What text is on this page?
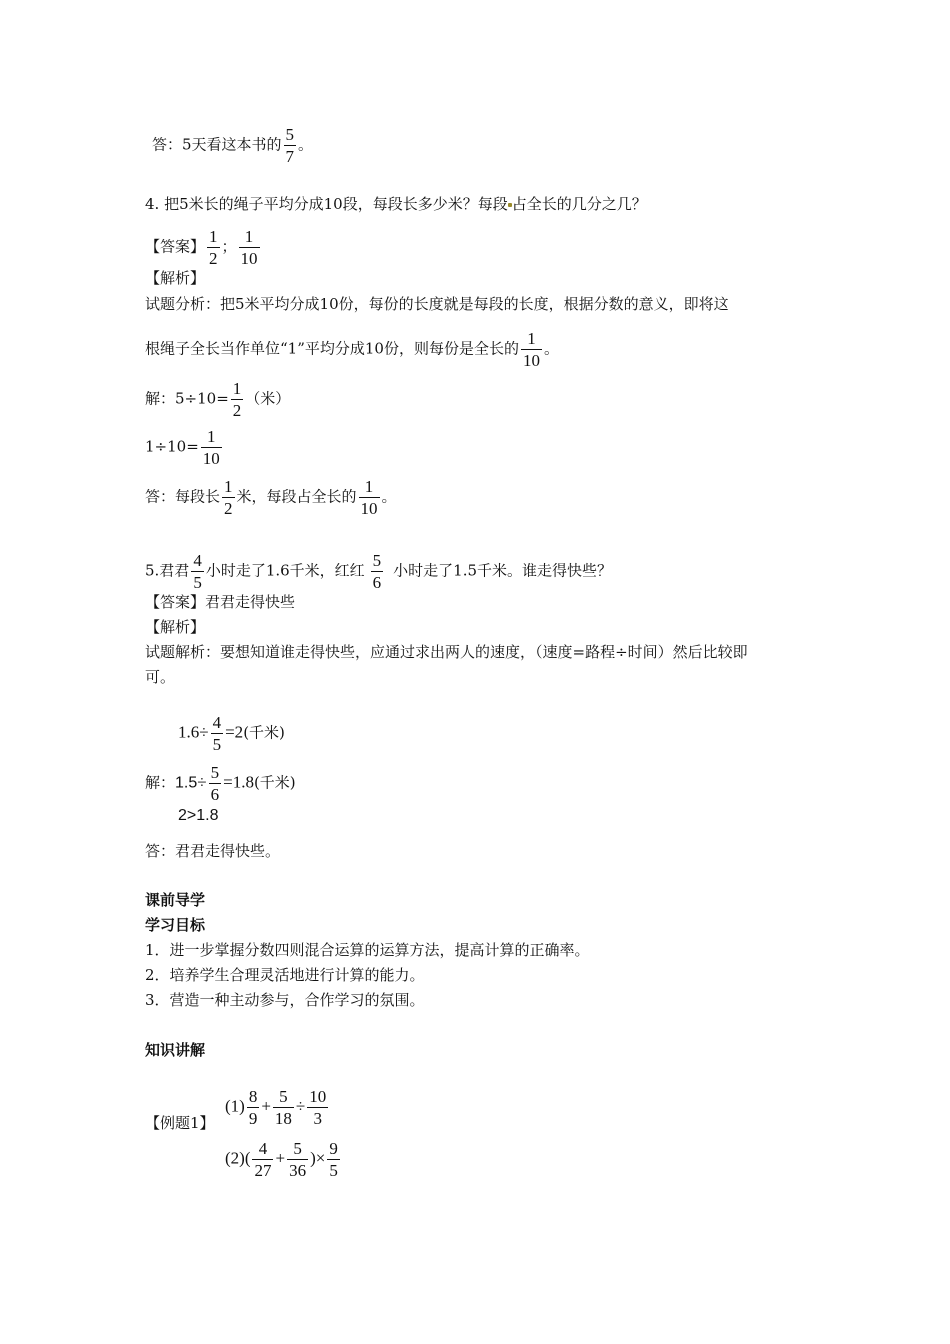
答：5天看这本书的 $\frac{5}{7}$ 。
4. 把5米长的绳子平均分成10段，每段长多少米？每段 占全长的几分之几？
【答案】 $\frac{1}{2}$ ； $\frac{1}{10}$
【解析】
试题分析：把5米平均分成10份，每份的长度就是每段的长度，根据分数的意义，即将这
根绳子全长当作单位“1”平均分成10份，则每份是全长的 $\frac{1}{10}$ 。
解：$5\div 10= \frac{1}{2}$ （米）
$1\div 10= \frac{1}{10}$
答：每段长 $\frac{1}{2}$ 米，每段占全长的 $\frac{1}{10}$ 。
5.君君 $\frac{4}{5}$ 小时走了1.6千米，红红 $\frac{5}{6}$ 小时走了1.5千米。谁走得快些？
【答案】君君走得快些
【解析】
试题解析：要想知道谁走得快些，应通过求出两人的速度，（速度=路程÷时间）然后比较即
可。
$1.6\div \frac{4}{5} =2$(千米)
解：$1.5\div \frac{5}{6} =1.8$(千米)
2>1.8
答：君君走得快些。
课前导学
学习目标
1．进一步掌握分数四则混合运算的运算方法，提高计算的正确率。
2．培养学生合理灵活地进行计算的能力。
3．营造一种主动参与，合作学习的氛围。
知识讲解
【例题1】
$(1) \frac{8}{9} + \frac{5}{18} \div \frac{10}{3}$
$(2)( \frac{4}{27} + \frac{5}{36}$ )× $\frac{9}{5}$
